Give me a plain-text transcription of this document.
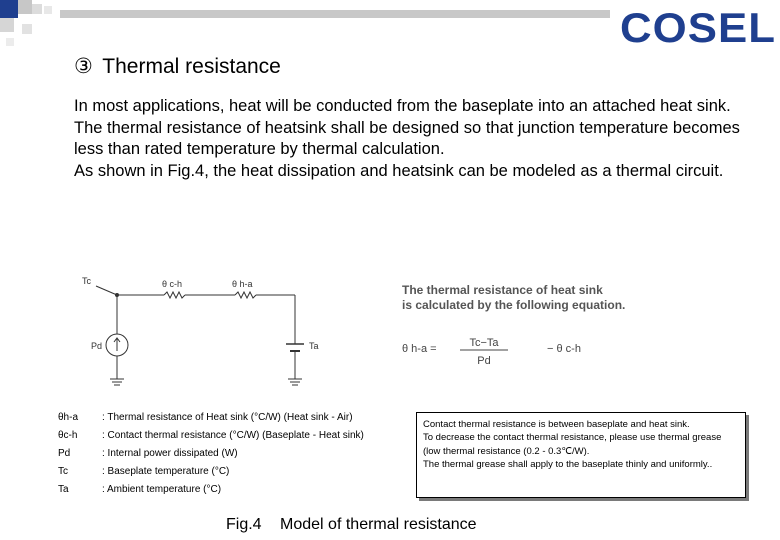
COSEL
③ Thermal resistance

In most applications, heat will be conducted from the baseplate into an attached heat sink.

The thermal resistance of heatsink shall be designed so that junction temperature becomes less than rated temperature by thermal calculation.

As shown in Fig.4, the heat dissipation and heatsink can be modeled as a thermal circuit.

Tc	θ c-h	θ h-a
Pd	Ta
The thermal resistance of heat sink
is calculated by the following equation.
θ h-a =	Tc−Ta
Pd
− θ c-h
θh-a	: Thermal resistance of Heat sink (°C/W) (Heat sink - Air)
θc-h	: Contact thermal resistance (°C/W) (Baseplate - Heat sink)
Pd	: Internal power dissipated (W)
Tc	: Baseplate temperature (°C)
Ta	: Ambient temperature (°C)

Contact thermal resistance is between baseplate and heat sink.

To decrease the contact thermal resistance, please use thermal grease

(low thermal resistance (0.2 - 0.3℃/W).

The thermal grease shall apply to the baseplate thinly and uniformly..

Fig.4 Model of thermal resistance
